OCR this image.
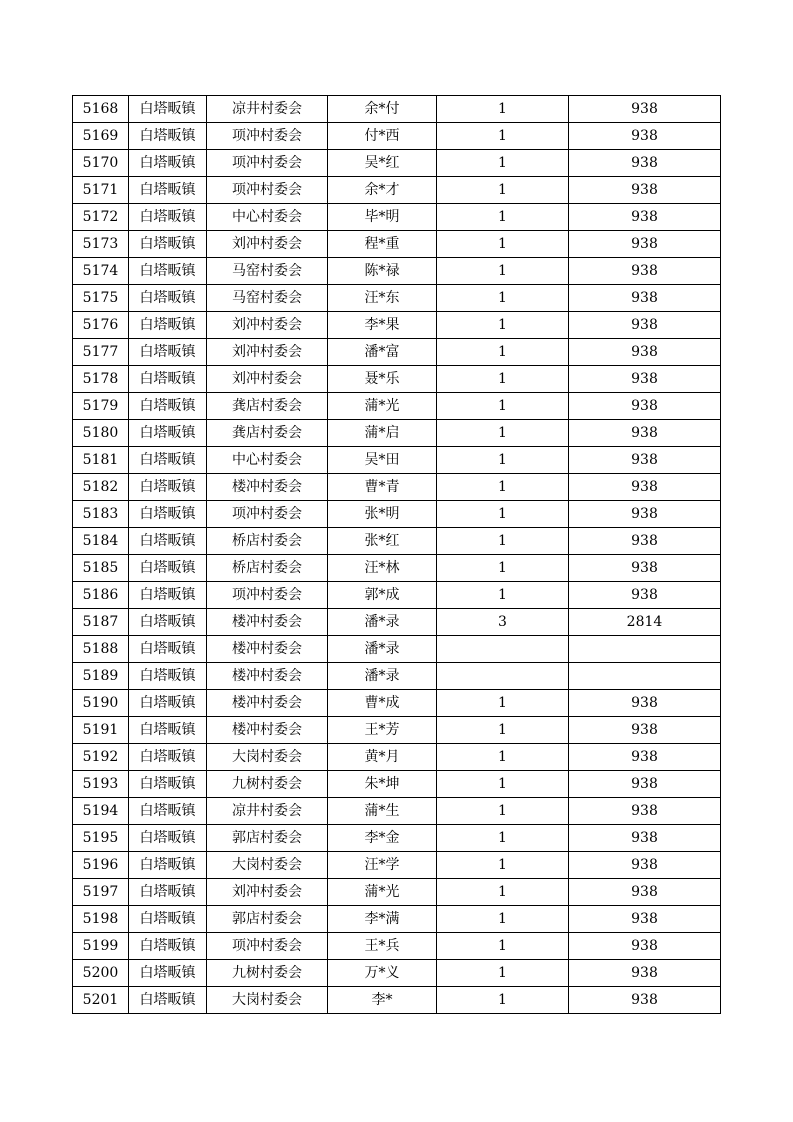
5168	白塔畈镇	凉井村委会	余*付	1	938
5169	白塔畈镇	项冲村委会	付*西	1	938
5170	白塔畈镇	项冲村委会	吴*红	1	938
5171	白塔畈镇	项冲村委会	余*才	1	938
5172	白塔畈镇	中心村委会	毕*明	1	938
5173	白塔畈镇	刘冲村委会	程*重	1	938
5174	白塔畈镇	马窑村委会	陈*禄	1	938
5175	白塔畈镇	马窑村委会	汪*东	1	938
5176	白塔畈镇	刘冲村委会	李*果	1	938
5177	白塔畈镇	刘冲村委会	潘*富	1	938
5178	白塔畈镇	刘冲村委会	聂*乐	1	938
5179	白塔畈镇	龚店村委会	蒲*光	1	938
5180	白塔畈镇	龚店村委会	蒲*启	1	938
5181	白塔畈镇	中心村委会	吴*田	1	938
5182	白塔畈镇	楼冲村委会	曹*青	1	938
5183	白塔畈镇	项冲村委会	张*明	1	938
5184	白塔畈镇	桥店村委会	张*红	1	938
5185	白塔畈镇	桥店村委会	汪*林	1	938
5186	白塔畈镇	项冲村委会	郭*成	1	938
5187	白塔畈镇	楼冲村委会	潘*录	3	2814
5188	白塔畈镇	楼冲村委会	潘*录		
5189	白塔畈镇	楼冲村委会	潘*录		
5190	白塔畈镇	楼冲村委会	曹*成	1	938
5191	白塔畈镇	楼冲村委会	王*芳	1	938
5192	白塔畈镇	大岗村委会	黄*月	1	938
5193	白塔畈镇	九树村委会	朱*坤	1	938
5194	白塔畈镇	凉井村委会	蒲*生	1	938
5195	白塔畈镇	郭店村委会	李*金	1	938
5196	白塔畈镇	大岗村委会	汪*学	1	938
5197	白塔畈镇	刘冲村委会	蒲*光	1	938
5198	白塔畈镇	郭店村委会	李*满	1	938
5199	白塔畈镇	项冲村委会	王*兵	1	938
5200	白塔畈镇	九树村委会	万*义	1	938
5201	白塔畈镇	大岗村委会	李*	1	938
